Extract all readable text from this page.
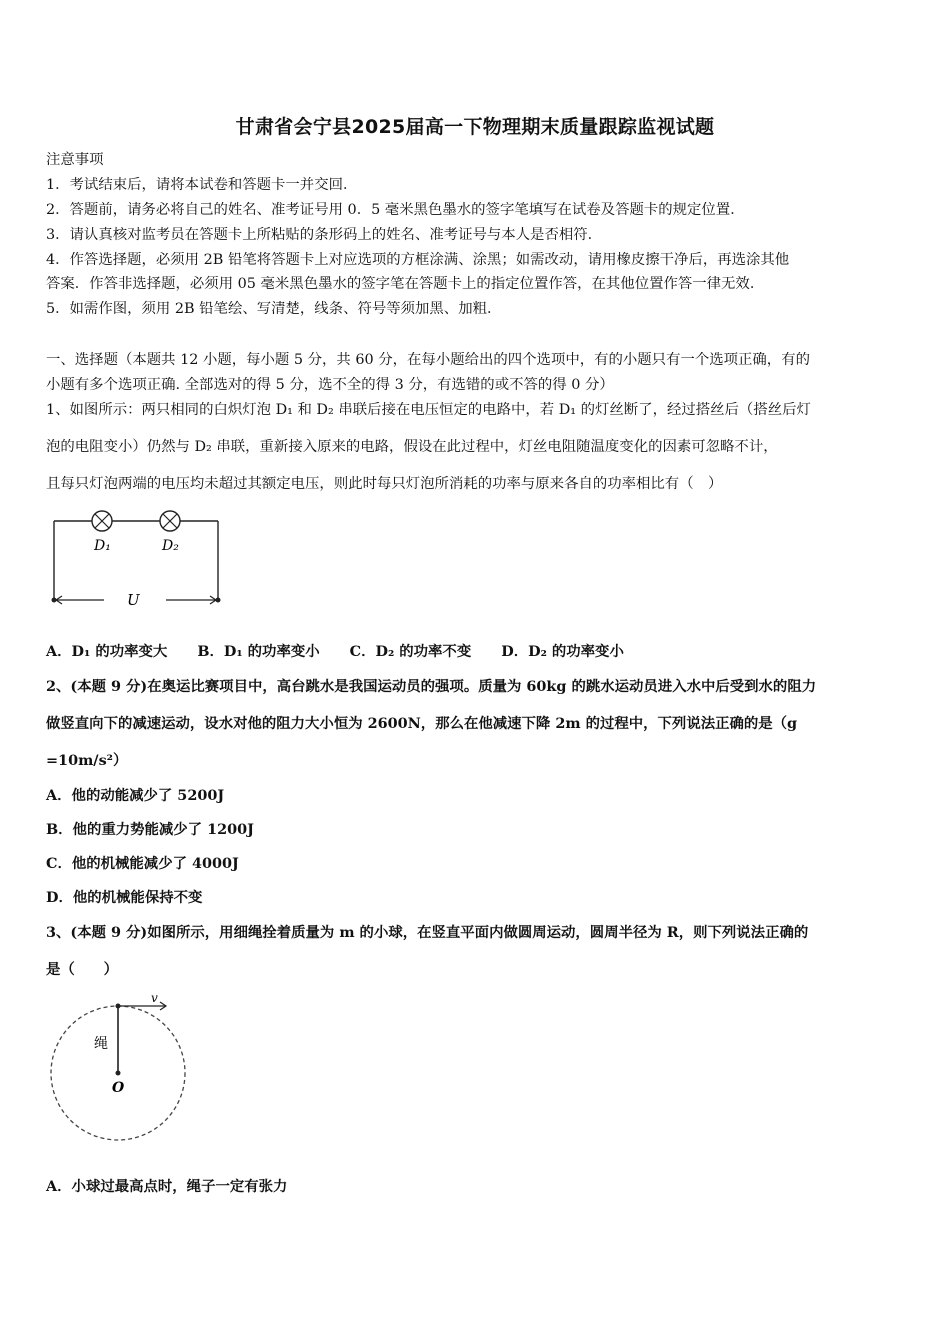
甘肃省会宁县2025届高一下物理期末质量跟踪监视试题
注意事项
1．考试结束后，请将本试卷和答题卡一并交回．
2．答题前，请务必将自己的姓名、准考证号用 0．5 毫米黑色墨水的签字笔填写在试卷及答题卡的规定位置．
3．请认真核对监考员在答题卡上所粘贴的条形码上的姓名、准考证号与本人是否相符．
4．作答选择题，必须用 2B 铅笔将答题卡上对应选项的方框涂满、涂黑；如需改动，请用橡皮擦干净后，再选涂其他
答案．作答非选择题，必须用 05 毫米黑色墨水的签字笔在答题卡上的指定位置作答，在其他位置作答一律无效．
5．如需作图，须用 2B 铅笔绘、写清楚，线条、符号等须加黑、加粗．
一、选择题（本题共 12 小题，每小题 5 分，共 60 分，在每小题给出的四个选项中，有的小题只有一个选项正确，有的
小题有多个选项正确. 全部选对的得 5 分，选不全的得 3 分，有选错的或不答的得 0 分）
1、如图所示：两只相同的白炽灯泡 D₁ 和 D₂ 串联后接在电压恒定的电路中，若 D₁ 的灯丝断了，经过搭丝后（搭丝后灯
泡的电阻变小）仍然与 D₂ 串联，重新接入原来的电路，假设在此过程中，灯丝电阻随温度变化的因素可忽略不计，
且每只灯泡两端的电压均未超过其额定电压，则此时每只灯泡所消耗的功率与原来各自的功率相比有（　）
D₁	D₂
U
A．D₁ 的功率变大 B．D₁ 的功率变小 C．D₂ 的功率不变 D．D₂ 的功率变小
2、(本题 9 分)在奥运比赛项目中，高台跳水是我国运动员的强项。质量为 60kg 的跳水运动员进入水中后受到水的阻力
做竖直向下的减速运动，设水对他的阻力大小恒为 2600N，那么在他减速下降 2m 的过程中，下列说法正确的是（g
=10m/s²）
A．他的动能减少了 5200J
B．他的重力势能减少了 1200J
C．他的机械能减少了 4000J
D．他的机械能保持不变
3、(本题 9 分)如图所示，用细绳拴着质量为 m 的小球，在竖直平面内做圆周运动，圆周半径为 R，则下列说法正确的
是（　　）
v
绳
O
A．小球过最高点时，绳子一定有张力
